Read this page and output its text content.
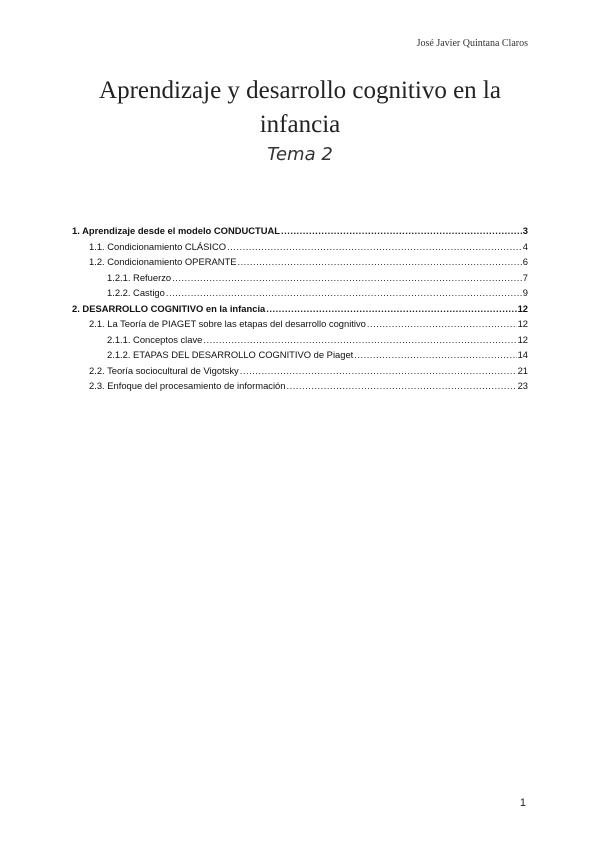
José Javier Quintana Claros
Aprendizaje y desarrollo cognitivo en la infancia
Tema 2
1. Aprendizaje desde el modelo CONDUCTUAL .....	3
1.1. Condicionamiento CLÁSICO .....	4
1.2. Condicionamiento OPERANTE .....	6
1.2.1. Refuerzo .....	7
1.2.2. Castigo .....	9
2. DESARROLLO COGNITIVO en la infancia .....	12
2.1. La Teoría de PIAGET sobre las etapas del desarrollo cognitivo .....	12
2.1.1. Conceptos clave .....	12
2.1.2. ETAPAS DEL DESARROLLO COGNITIVO de Piaget .....	14
2.2. Teoría sociocultural de Vigotsky .....	21
2.3. Enfoque del procesamiento de información .....	23
1
